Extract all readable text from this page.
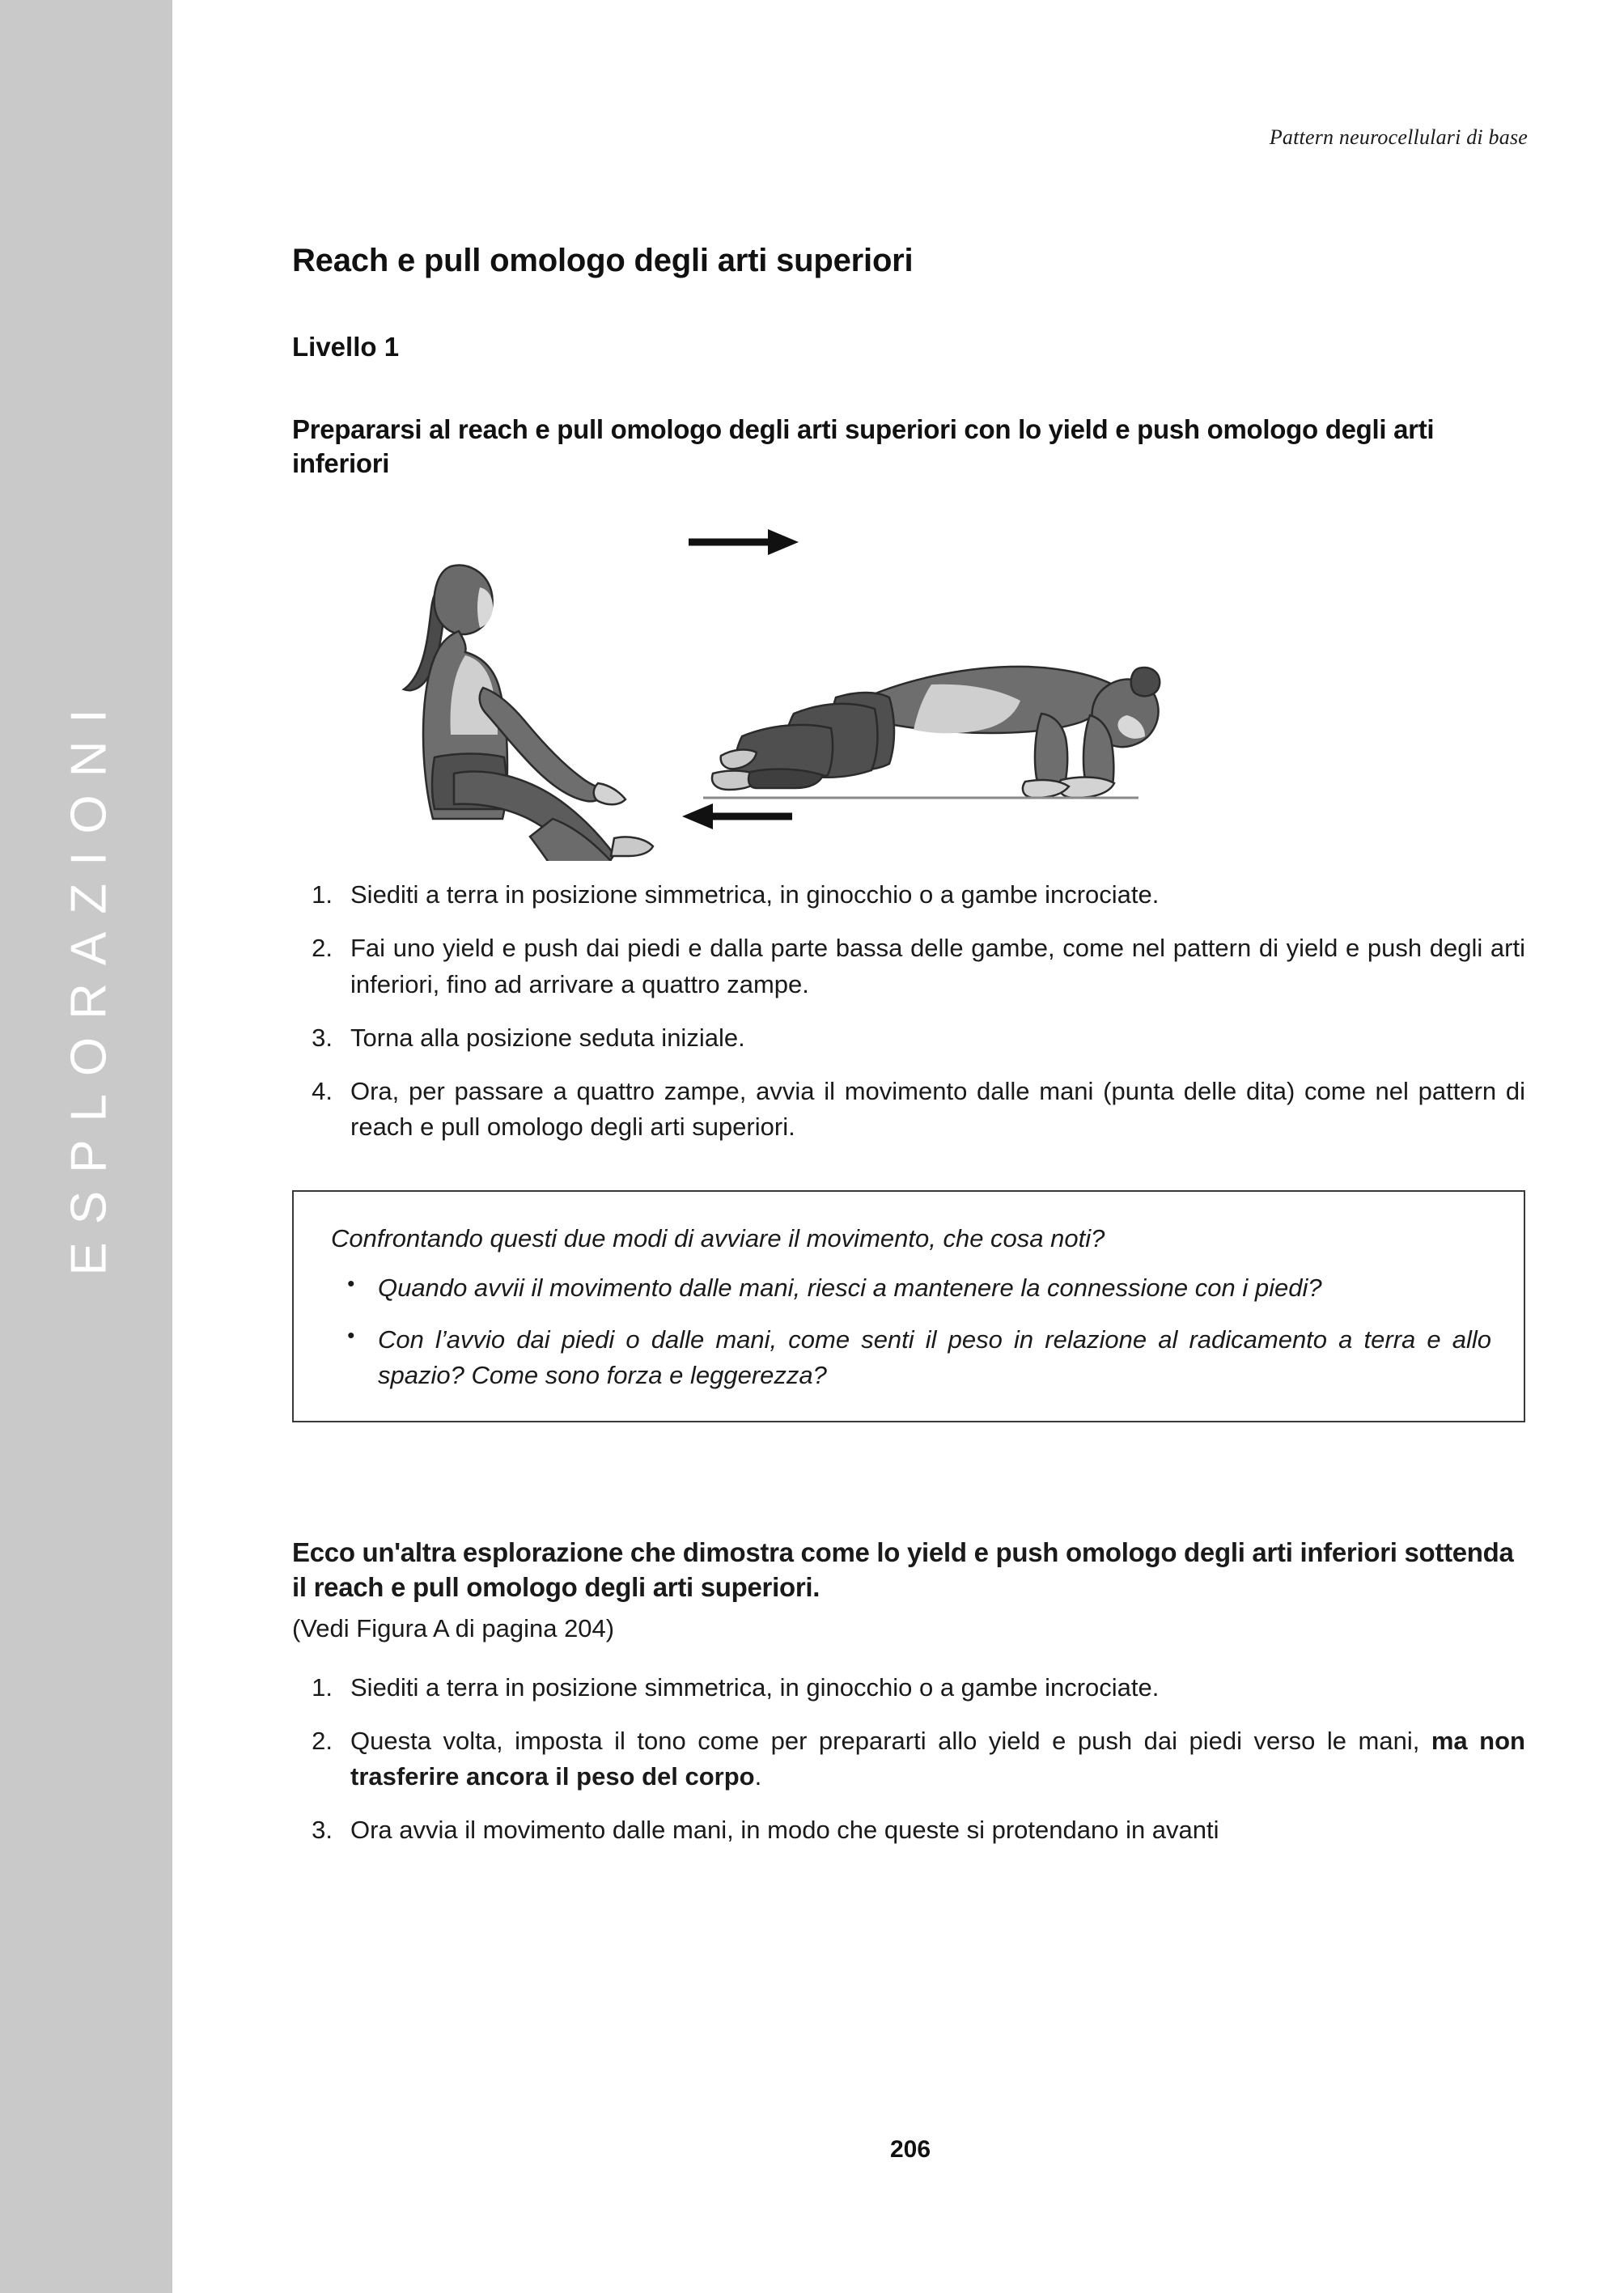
ESPLORAZIONI
Pattern neurocellulari di base
Reach e pull omologo degli arti superiori
Livello 1
Prepararsi al reach e pull omologo degli arti superiori con lo yield e push omologo degli arti inferiori
1. Siediti a terra in posizione simmetrica, in ginocchio o a gambe incrociate.
2. Fai uno yield e push dai piedi e dalla parte bassa delle gambe, come nel pattern di yield e push degli arti inferiori, fino ad arrivare a quattro zampe.
3. Torna alla posizione seduta iniziale.
4. Ora, per passare a quattro zampe, avvia il movimento dalle mani (punta delle dita) come nel pattern di reach e pull omologo degli arti superiori.

Confrontando questi due modi di avviare il movimento, che cosa noti?

• Quando avvii il movimento dalle mani, riesci a mantenere la connessione con i piedi?
• Con l’avvio dai piedi o dalle mani, come senti il peso in relazione al radicamento a terra e allo spazio? Come sono forza e leggerezza?

Ecco un'altra esplorazione che dimostra come lo yield e push omologo degli arti inferiori sottenda il reach e pull omologo degli arti superiori.

(Vedi Figura A di pagina 204)

1. Siediti a terra in posizione simmetrica, in ginocchio o a gambe incrociate.
2. Questa volta, imposta il tono come per prepararti allo yield e push dai piedi verso le mani, ma non trasferire ancora il peso del corpo.
3. Ora avvia il movimento dalle mani, in modo che queste si protendano in avanti
206
